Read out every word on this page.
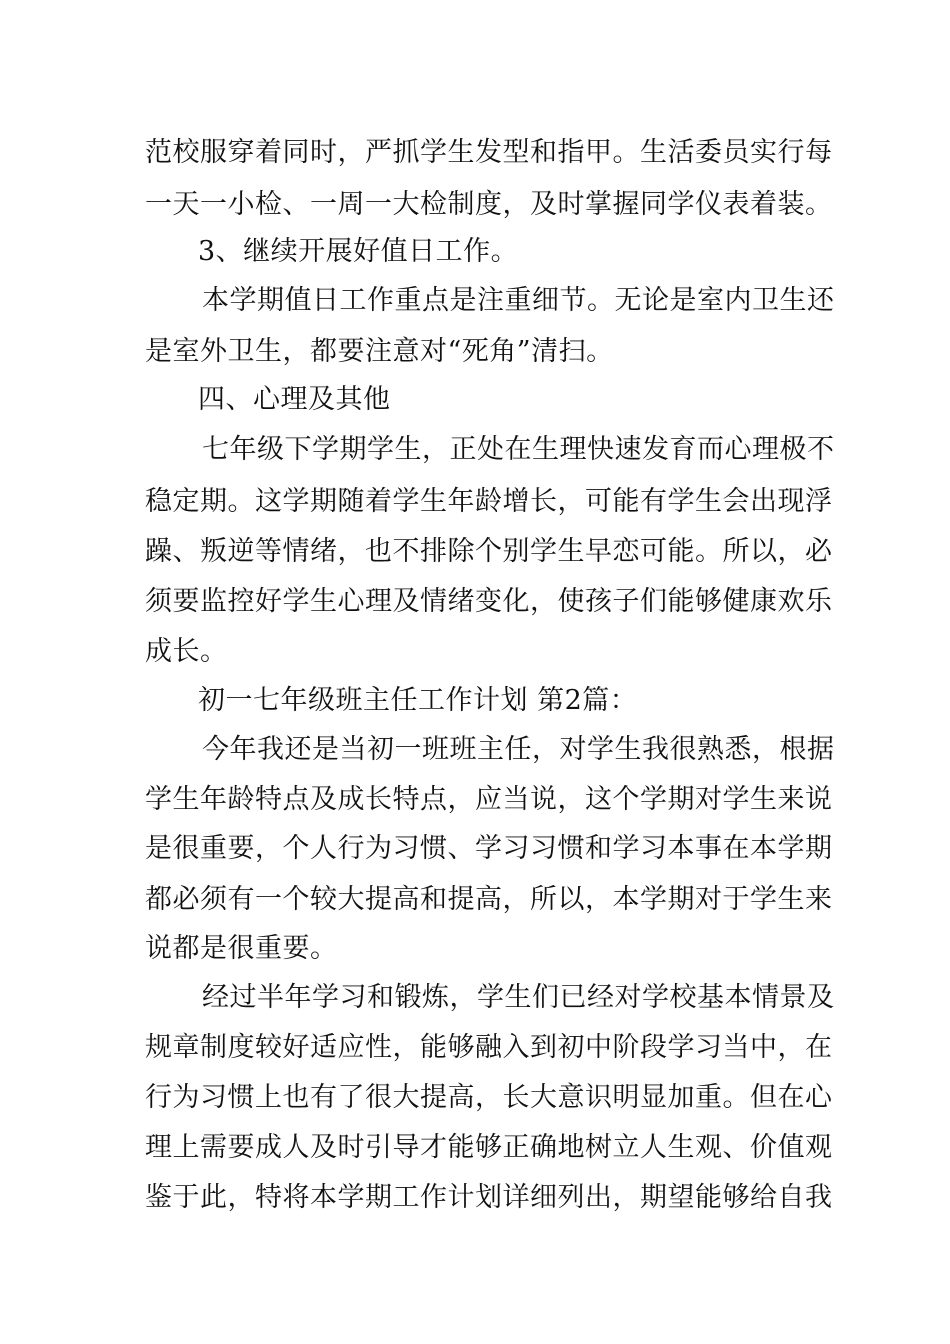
范校服穿着同时，严抓学生发型和指甲。生活委员实行每
一天一小检、一周一大检制度，及时掌握同学仪表着装。
3、继续开展好值日工作。
本学期值日工作重点是注重细节。无论是室内卫生还
是室外卫生，都要注意对“死角”清扫。
四、心理及其他
七年级下学期学生，正处在生理快速发育而心理极不
稳定期。这学期随着学生年龄增长，可能有学生会出现浮
躁、叛逆等情绪，也不排除个别学生早恋可能。所以，必
须要监控好学生心理及情绪变化，使孩子们能够健康欢乐
成长。
初一七年级班主任工作计划 第2篇：
今年我还是当初一班班主任，对学生我很熟悉，根据
学生年龄特点及成长特点，应当说，这个学期对学生来说
是很重要，个人行为习惯、学习习惯和学习本事在本学期
都必须有一个较大提高和提高，所以，本学期对于学生来
说都是很重要。
经过半年学习和锻炼，学生们已经对学校基本情景及
规章制度较好适应性，能够融入到初中阶段学习当中，在
行为习惯上也有了很大提高，长大意识明显加重。但在心
理上需要成人及时引导才能够正确地树立人生观、价值观
鉴于此，特将本学期工作计划详细列出，期望能够给自我
